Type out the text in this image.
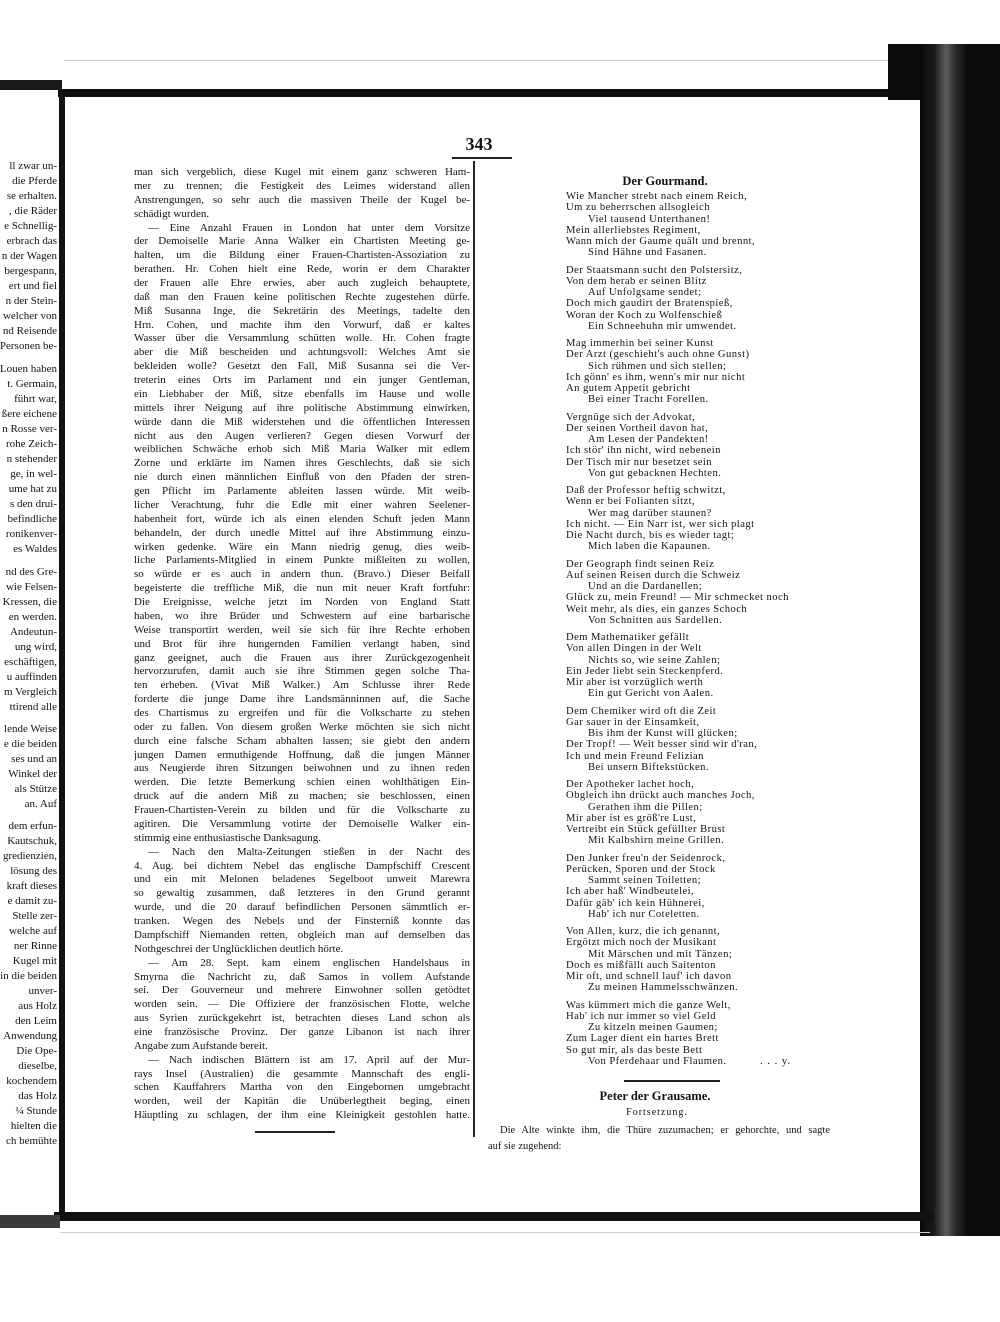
ll zwar un-
die Pferde
se erhalten.
, die Räder
e Schnellig-
erbrach das
n der Wagen
bergespann,
ert und fiel
n der Stein-
welcher von
nd Reisende
Personen be-
Louen haben
t. Germain,
führt war,
ßere eichene
n Rosse ver-
rohe Zeich-
n stehender
ge, in wel-
ume hat zu
s den drui-
befindliche
ronikenver-
es Waldes
nd des Gre-
wie Felsen-
Kressen, die
en werden.
Andeutun-
ung wird,
eschäftigen,
u auffinden
m Vergleich
ttirend alle
lende Weise
e die beiden
ses und an
Winkel der
als Stütze
an. Auf
dem erfun-
Kautschuk,
gredienzien,
lösung des
kraft dieses
e damit zu-
Stelle zer-
welche auf
ner Rinne
Kugel mit
in die beiden
unver-
aus Holz
den Leim
Anwendung
Die Ope-
dieselbe,
kochendem
das Holz
¼ Stunde
hielten die
ch bemühte
343
man sich vergeblich, diese Kugel mit einem ganz schweren Ham-
mer zu trennen; die Festigkeit des Leimes widerstand allen
Anstrengungen, so sehr auch die massiven Theile der Kugel be-
schädigt wurden.
— Eine Anzahl Frauen in London hat unter dem Vorsitze
der Demoiselle Marie Anna Walker ein Chartisten Meeting ge-
halten, um die Bildung einer Frauen-Chartisten-Assoziation zu
berathen. Hr. Cohen hielt eine Rede, worin er dem Charakter
der Frauen alle Ehre erwies, aber auch zugleich behauptete,
daß man den Frauen keine politischen Rechte zugestehen dürfe.
Miß Susanna Inge, die Sekretärin des Meetings, tadelte den
Hrn. Cohen, und machte ihm den Vorwurf, daß er kaltes
Wasser über die Versammlung schütten wolle. Hr. Cohen fragte
aber die Miß bescheiden und achtungsvoll: Welches Amt sie
bekleiden wolle? Gesetzt den Fall, Miß Susanna sei die Ver-
treterin eines Orts im Parlament und ein junger Gentleman,
ein Liebhaber der Miß, sitze ebenfalls im Hause und wolle
mittels ihrer Neigung auf ihre politische Abstimmung einwirken,
würde dann die Miß widerstehen und die öffentlichen Interessen
nicht aus den Augen verlieren? Gegen diesen Vorwurf der
weiblichen Schwäche erhob sich Miß Maria Walker mit edlem
Zorne und erklärte im Namen ihres Geschlechts, daß sie sich
nie durch einen männlichen Einfluß von den Pfaden der stren-
gen Pflicht im Parlamente ableiten lassen würde. Mit weib-
licher Verachtung, fuhr die Edle mit einer wahren Seelener-
habenheit fort, würde ich als einen elenden Schuft jeden Mann
behandeln, der durch unedle Mittel auf ihre Abstimmung einzu-
wirken gedenke. Wäre ein Mann niedrig genug, dies weib-
liche Parlaments-Mitglied in einem Punkte mißleiten zu wollen,
so würde er es auch in andern thun. (Bravo.) Dieser Beifall
begeisterte die treffliche Miß, die nun mit neuer Kraft fortfuhr:
Die Ereignisse, welche jetzt im Norden von England Statt
haben, wo ihre Brüder und Schwestern auf eine barbarische
Weise transportirt werden, weil sie sich für ihre Rechte erhoben
und Brot für ihre hungernden Familien verlangt haben, sind
ganz geeignet, auch die Frauen aus ihrer Zurückgezogenheit
hervorzurufen, damit auch sie ihre Stimmen gegen solche Tha-
ten erheben. (Vivat Miß Walker.) Am Schlusse ihrer Rede
forderte die junge Dame ihre Landsmänninnen auf, die Sache
des Chartismus zu ergreifen und für die Volkscharte zu stehen
oder zu fallen. Von diesem großen Werke möchten sie sich nicht
durch eine falsche Scham abhalten lassen; sie giebt den andern
jungen Damen ermuthigende Hoffnung, daß die jungen Männer
aus Neugierde ihren Sitzungen beiwohnen und zu ihnen reden
werden. Die letzte Bemerkung schien einen wohlthätigen Ein-
druck auf die andern Miß zu machen; sie beschlossen, einen
Frauen-Chartisten-Verein zu bilden und für die Volkscharte zu
agitiren. Die Versammlung votirte der Demoiselle Walker ein-
stimmig eine enthusiastische Danksagung.
— Nach den Malta-Zeitungen stießen in der Nacht des
4. Aug. bei dichtem Nebel das englische Dampfschiff Crescent
und ein mit Melonen beladenes Segelboot unweit Marewra
so gewaltig zusammen, daß letzteres in den Grund gerannt
wurde, und die 20 darauf befindlichen Personen sämmtlich er-
tranken. Wegen des Nebels und der Finsterniß konnte das
Dampfschiff Niemanden retten, obgleich man auf demselben das
Nothgeschrei der Unglücklichen deutlich hörte.
— Am 28. Sept. kam einem englischen Handelshaus in
Smyrna die Nachricht zu, daß Samos in vollem Aufstande
sei. Der Gouverneur und mehrere Einwohner sollen getödtet
worden sein. — Die Offiziere der französischen Flotte, welche
aus Syrien zurückgekehrt ist, betrachten dieses Land schon als
eine französische Provinz. Der ganze Libanon ist nach ihrer
Angabe zum Aufstande bereit.
— Nach indischen Blättern ist am 17. April auf der Mur-
rays Insel (Australien) die gesammte Mannschaft des engli-
schen Kauffahrers Martha von den Eingebornen umgebracht
worden, weil der Kapitän die Unüberlegtheit beging, einen
Häuptling zu schlagen, der ihm eine Kleinigkeit gestohlen hatte.
Der Gourmand.
Wie Mancher strebt nach einem Reich,
Um zu beherrschen allsogleich
Viel tausend Unterthanen!
Mein allerliebstes Regiment,
Wann mich der Gaume quält und brennt,
Sind Hähne und Fasanen.
Der Staatsmann sucht den Polstersitz,
Von dem herab er seinen Blitz
Auf Unfolgsame sendet;
Doch mich gaudirt der Bratenspieß,
Woran der Koch zu Wolfenschieß
Ein Schneehuhn mir umwendet.
Mag immerhin bei seiner Kunst
Der Arzt (geschieht's auch ohne Gunst)
Sich rühmen und sich stellen;
Ich gönn' es ihm, wenn's mir nur nicht
An gutem Appetit gebricht
Bei einer Tracht Forellen.
Vergnüge sich der Advokat,
Der seinen Vortheil davon hat,
Am Lesen der Pandekten!
Ich stör' ihn nicht, wird nebenein
Der Tisch mir nur besetzet sein
Von gut gebacknen Hechten.
Daß der Professor heftig schwitzt,
Wenn er bei Folianten sitzt,
Wer mag darüber staunen?
Ich nicht. — Ein Narr ist, wer sich plagt
Die Nacht durch, bis es wieder tagt;
Mich laben die Kapaunen.
Der Geograph findt seinen Reiz
Auf seinen Reisen durch die Schweiz
Und an die Dardanellen;
Glück zu, mein Freund! — Mir schmecket noch
Weit mehr, als dies, ein ganzes Schoch
Von Schnitten aus Sardellen.
Dem Mathematiker gefällt
Von allen Dingen in der Welt
Nichts so, wie seine Zahlen;
Ein Jeder liebt sein Steckenpferd.
Mir aber ist vorzüglich werth
Ein gut Gericht von Aalen.
Dem Chemiker wird oft die Zeit
Gar sauer in der Einsamkeit,
Bis ihm der Kunst will glücken;
Der Tropf! — Weit besser sind wir d'ran,
Ich und mein Freund Felizian
Bei unsern Biftekstücken.
Der Apotheker lachet hoch,
Obgleich ihn drückt auch manches Joch,
Gerathen ihm die Pillen;
Mir aber ist es größ're Lust,
Vertreibt ein Stück gefüllter Brust
Mit Kalbshirn meine Grillen.
Den Junker freu'n der Seidenrock,
Perücken, Sporen und der Stock
Sammt seinen Toiletten;
Ich aber haß' Windbeutelei,
Dafür gäb' ich kein Hühnerei,
Hab' ich nur Coteletten.
Von Allen, kurz, die ich genannt,
Ergötzt mich noch der Musikant
Mit Märschen und mit Tänzen;
Doch es mißfällt auch Saitenton
Mir oft, und schnell lauf' ich davon
Zu meinen Hammelsschwänzen.
Was kümmert mich die ganze Welt,
Hab' ich nur immer so viel Geld
Zu kitzeln meinen Gaumen;
Zum Lager dient ein hartes Brett
So gut mir, als das beste Bett
Von Pferdehaar und Flaumen.	. . . y.
Peter der Grausame.
Fortsetzung.
Die Alte winkte ihm, die Thüre zuzumachen; er gehorchte, und sagte
auf sie zugehend:
